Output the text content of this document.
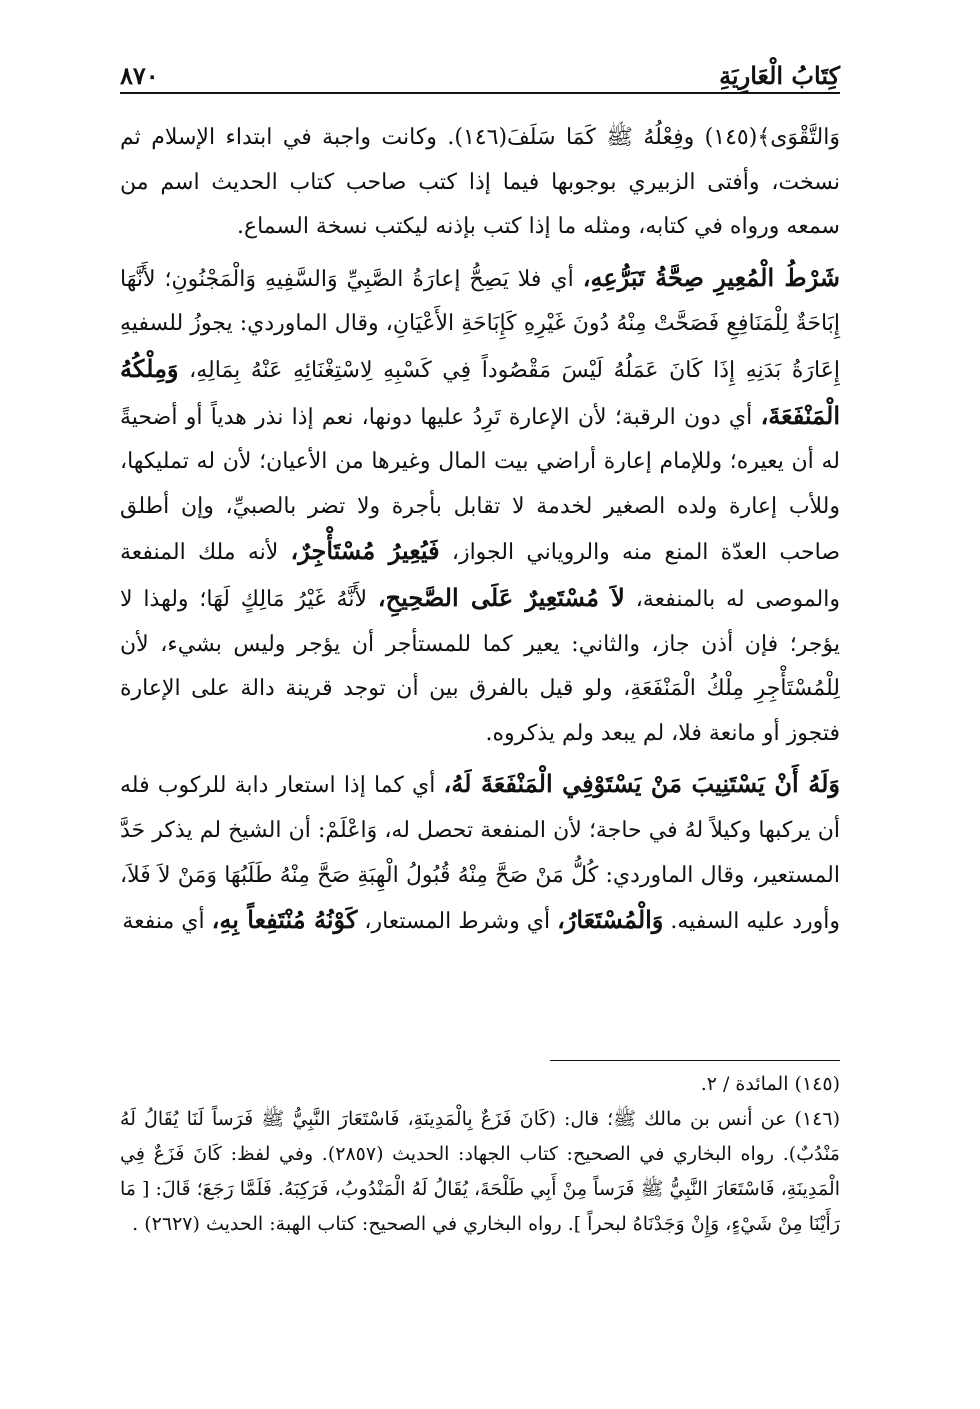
كِتَابُ الْعَارِيَةِ
٨٧٠

وَالتَّقْوَى﴾(١٤٥) وفِعْلُهُ ﷺ كَمَا سَلَفَ(١٤٦). وكانت واجبة في ابتداء الإسلام ثم نسخت، وأفتى الزبيري بوجوبها فيما إذا كتب صاحب كتاب الحديث اسم من سمعه ورواه في كتابه، ومثله ما إذا كتب بإذنه ليكتب نسخة السماع.

شَرْطُ الْمُعِيرِ صِحَّةُ تَبَرُّعِهِ، أي فلا يَصِحُّ إعارَةُ الصَّبِيِّ وَالسَّفِيهِ وَالْمَجْنُونِ؛ لأَنَّهَا إِبَاحَةٌ لِلْمَنَافِعِ فَصَحَّتْ مِنْهُ دُونَ غَيْرِهِ كَإِبَاحَةِ الأَعْيَانِ، وقال الماوردي: يجوزُ للسفيهِ إِعَارَةُ بَدَنِهِ إِذَا كَانَ عَمَلُهُ لَيْسَ مَقْصُوداً فِي كَسْبِهِ لِاسْتِغْنَائِهِ عَنْهُ بِمَالِهِ، وَمِلْكُهُ الْمَنْفَعَةَ، أي دون الرقبة؛ لأن الإعارة تَرِدُ عليها دونها، نعم إذا نذر هدياً أو أضحيةً له أن يعيره؛ وللإمام إعارة أراضي بيت المال وغيرها من الأعيان؛ لأن له تمليكها، وللأب إعارة ولده الصغير لخدمة لا تقابل بأجرة ولا تضر بالصبيِّ، وإن أطلق صاحب العدّة المنع منه والروياني الجواز، فَيُعِيرُ مُسْتَأْجِرٌ، لأنه ملك المنفعة والموصى له بالمنفعة، لاَ مُسْتَعِيرٌ عَلَى الصَّحِيحِ، لأَنَّهُ غَيْرُ مَالِكٍ لَهَا؛ ولهذا لا يؤجر؛ فإن أذن جاز، والثاني: يعير كما للمستأجر أن يؤجر وليس بشيء، لأن لِلْمُسْتَأْجِرِ مِلْكُ الْمَنْفَعَةِ، ولو قيل بالفرق بين أن توجد قرينة دالة على الإعارة فتجوز أو مانعة فلا، لم يبعد ولم يذكروه.

وَلَهُ أَنْ يَسْتَنِيبَ مَنْ يَسْتَوْفِي الْمَنْفَعَةَ لَهُ، أي كما إذا استعار دابة للركوب فله أن يركبها وكيلاً لهُ في حاجة؛ لأن المنفعة تحصل له، وَاعْلَمْ: أن الشيخ لم يذكر حَدَّ المستعير، وقال الماوردي: كُلُّ مَنْ صَحَّ مِنْهُ قُبُولُ الْهِبَةِ صَحَّ مِنْهُ طَلَبُهَا وَمَنْ لاَ فَلاَ، وأورد عليه السفيه. وَالْمُسْتَعَارُ، أي وشرط المستعار، كَوْنُهُ مُنْتَفِعاً بِهِ، أي منفعة

(١٤٥) المائدة / ٢.

(١٤٦) عن أنس بن مالك ﷺ؛ قال: (كَانَ فَزَعٌ بِالْمَدِينَةِ، فَاسْتَعَارَ النَّبِيُّ ﷺ فَرَساً لَنَا يُقَالُ لَهُ مَنْدُبٌ). رواه البخاري في الصحيح: كتاب الجهاد: الحديث (٢٨٥٧). وفي لفظ: كَانَ فَزَعٌ فِي الْمَدِينَةِ، فَاسْتَعَارَ النَّبِيُّ ﷺ فَرَساً مِنْ أَبِي طَلْحَةَ، يُقَالُ لَهُ الْمَنْدُوبُ، فَرَكِبَهُ. فَلَمَّا رَجَعَ؛ قَالَ: [ مَا رَأَيْنَا مِنْ شَيْءٍ، وَإِنْ وَجَدْنَاهُ لبحراً ]. رواه البخاري في الصحيح: كتاب الهبة: الحديث (٢٦٢٧) .
